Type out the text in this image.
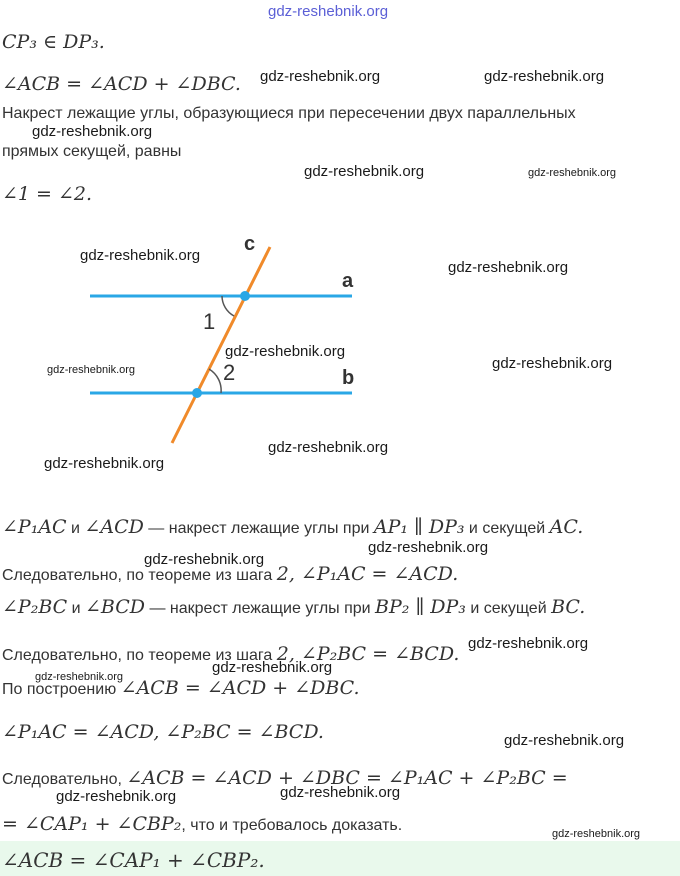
gdz-reshebnik.org
CP₃ ∈ DP₃.
∠ACB = ∠ACD + ∠DBC. gdz-reshebnik.org	gdz-reshebnik.org
Накрест лежащие углы, образующиеся при пересечении двух параллельных
gdz-reshebnik.org
прямых секущей, равны
gdz-reshebnik.org	gdz-reshebnik.org
∠1 = ∠2.
c
a
b
1
2
gdz-reshebnik.org
gdz-reshebnik.org
gdz-reshebnik.org
gdz-reshebnik.org	gdz-reshebnik.org
gdz-reshebnik.org
gdz-reshebnik.org
∠P₁AC и ∠ACD — накрест лежащие углы при AP₁ ∥ DP₃ и секущей AC.
gdz-reshebnik.org
gdz-reshebnik.org
Следовательно, по теореме из шага 2, ∠P₁AC = ∠ACD.
∠P₂BC и ∠BCD — накрест лежащие углы при BP₂ ∥ DP₃ и секущей BC.
Следовательно, по теореме из шага 2, ∠P₂BC = ∠BCD. gdz-reshebnik.org
gdz-reshebnik.org
gdz-reshebnik.org
По построению ∠ACB = ∠ACD + ∠DBC.
∠P₁AC = ∠ACD, ∠P₂BC = ∠BCD.	gdz-reshebnik.org
Следовательно, ∠ACB = ∠ACD + ∠DBC = ∠P₁AC + ∠P₂BC =
gdz-reshebnik.org	gdz-reshebnik.org
= ∠CAP₁ + ∠CBP₂, что и требовалось доказать.	gdz-reshebnik.org
∠ACB = ∠CAP₁ + ∠CBP₂.
